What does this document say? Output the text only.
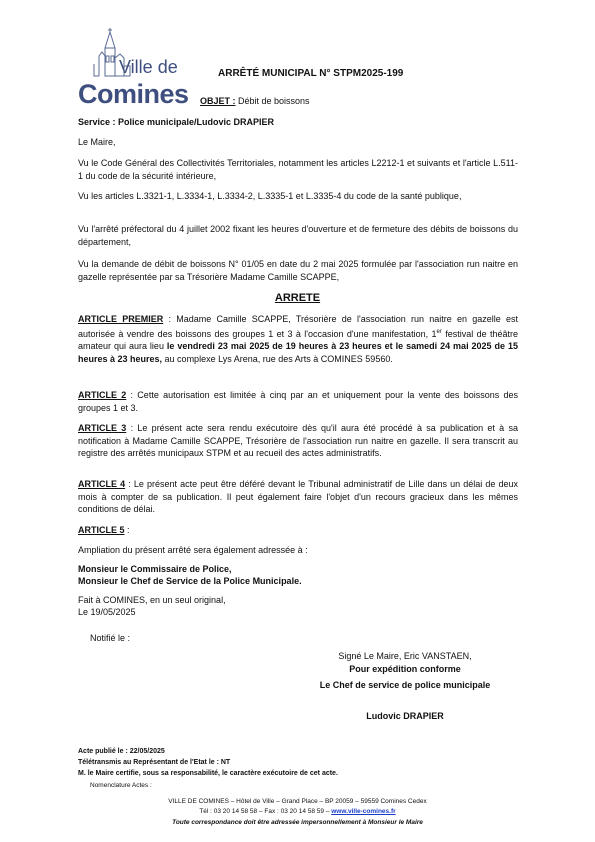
Ville de
Comines
ARRÊTÉ MUNICIPAL N° STPM2025-199
OBJET : Débit de boissons
Service : Police municipale/Ludovic DRAPIER
Le Maire,

Vu le Code Général des Collectivités Territoriales, notamment les articles L2212-1 et suivants et l'article L.511-1 du code de la sécurité intérieure,

Vu les articles L.3321-1, L.3334-1, L.3334-2, L.3335-1 et L.3335-4 du code de la santé publique,

Vu l'arrêté préfectoral du 4 juillet 2002 fixant les heures d'ouverture et de fermeture des débits de boissons du département,

Vu la demande de débit de boissons N° 01/05 en date du 2 mai 2025 formulée par l'association run naitre en gazelle représentée par sa Trésorière Madame Camille SCAPPE,

ARRETE

ARTICLE PREMIER : Madame Camille SCAPPE, Trésorière de l'association run naitre en gazelle est autorisée à vendre des boissons des groupes 1 et 3 à l'occasion d'une manifestation, 1er festival de théâtre amateur qui aura lieu le vendredi 23 mai 2025 de 19 heures à 23 heures et le samedi 24 mai 2025 de 15 heures à 23 heures, au complexe Lys Arena, rue des Arts à COMINES 59560.

ARTICLE 2 : Cette autorisation est limitée à cinq par an et uniquement pour la vente des boissons des groupes 1 et 3.

ARTICLE 3 : Le présent acte sera rendu exécutoire dès qu'il aura été procédé à sa publication et à sa notification à Madame Camille SCAPPE, Trésorière de l'association run naitre en gazelle. Il sera transcrit au registre des arrêtés municipaux STPM et au recueil des actes administratifs.

ARTICLE 4 : Le présent acte peut être déféré devant le Tribunal administratif de Lille dans un délai de deux mois à compter de sa publication. Il peut également faire l'objet d'un recours gracieux dans les mêmes conditions de délai.

ARTICLE 5 :
Ampliation du présent arrêté sera également adressée à :
Monsieur le Commissaire de Police,
Monsieur le Chef de Service de la Police Municipale.
Fait à COMINES, en un seul original,
Le 19/05/2025
Notifié le :
Signé Le Maire, Eric VANSTAEN,
Pour expédition conforme
Le Chef de service de police municipale
Ludovic DRAPIER
Acte publié le : 22/05/2025
Télétransmis au Représentant de l'Etat le : NT
M. le Maire certifie, sous sa responsabilité, le caractère exécutoire de cet acte.
Nomenclature Actes :
VILLE DE COMINES – Hôtel de Ville – Grand Place – BP 20059 – 59559 Comines Cedex
Tél : 03 20 14 58 58 – Fax : 03 20 14 58 59 – www.ville-comines.fr
Toute correspondance doit être adressée impersonnellement à Monsieur le Maire
